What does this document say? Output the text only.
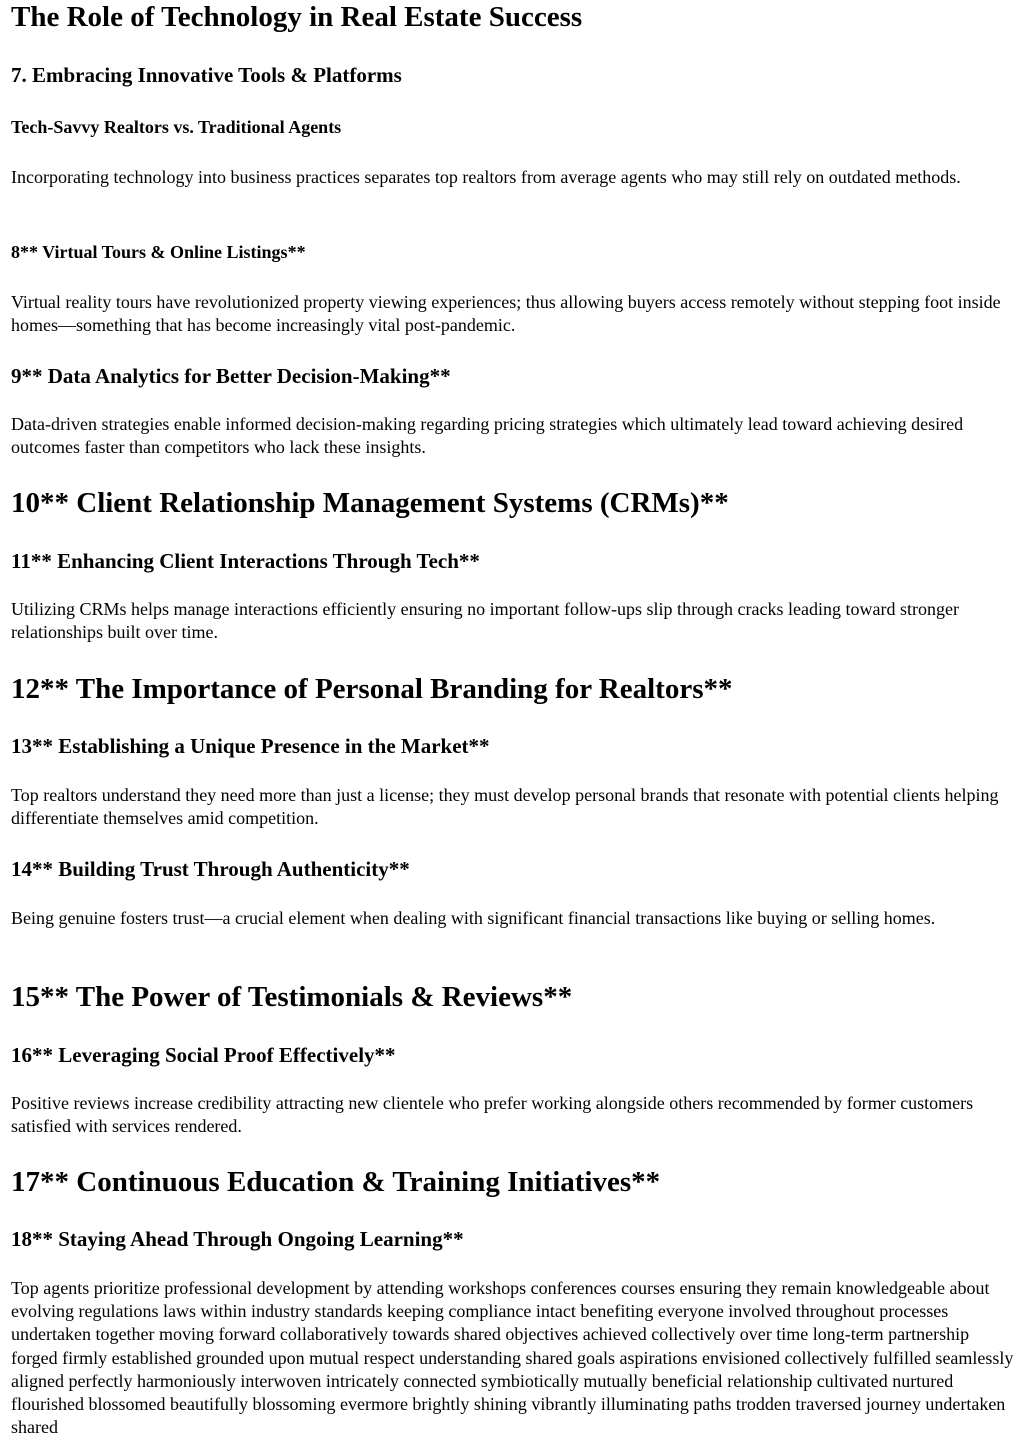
The Role of Technology in Real Estate Success
7. Embracing Innovative Tools & Platforms
Tech-Savvy Realtors vs. Traditional Agents

Incorporating technology into business practices separates top realtors from average agents who may still rely on outdated methods.

8** Virtual Tours & Online Listings**

Virtual reality tours have revolutionized property viewing experiences; thus allowing buyers access remotely without stepping foot inside homes—something that has become increasingly vital post-pandemic.

9** Data Analytics for Better Decision-Making**

Data-driven strategies enable informed decision-making regarding pricing strategies which ultimately lead toward achieving desired outcomes faster than competitors who lack these insights.

10** Client Relationship Management Systems (CRMs)**
11** Enhancing Client Interactions Through Tech**

Utilizing CRMs helps manage interactions efficiently ensuring no important follow-ups slip through cracks leading toward stronger relationships built over time.

12** The Importance of Personal Branding for Realtors**
13** Establishing a Unique Presence in the Market**

Top realtors understand they need more than just a license; they must develop personal brands that resonate with potential clients helping differentiate themselves amid competition.

14** Building Trust Through Authenticity**

Being genuine fosters trust—a crucial element when dealing with significant financial transactions like buying or selling homes.

15** The Power of Testimonials & Reviews**
16** Leveraging Social Proof Effectively**

Positive reviews increase credibility attracting new clientele who prefer working alongside others recommended by former customers satisfied with services rendered.

17** Continuous Education & Training Initiatives**
18** Staying Ahead Through Ongoing Learning**

Top agents prioritize professional development by attending workshops conferences courses ensuring they remain knowledgeable about evolving regulations laws within industry standards keeping compliance intact benefiting everyone involved throughout processes undertaken together moving forward collaboratively towards shared objectives achieved collectively over time long-term partnership forged firmly established grounded upon mutual respect understanding shared goals aspirations envisioned collectively fulfilled seamlessly aligned perfectly harmoniously interwoven intricately connected symbiotically mutually beneficial relationship cultivated nurtured flourished blossomed beautifully blossoming evermore brightly shining vibrantly illuminating paths trodden traversed journey undertaken shared
